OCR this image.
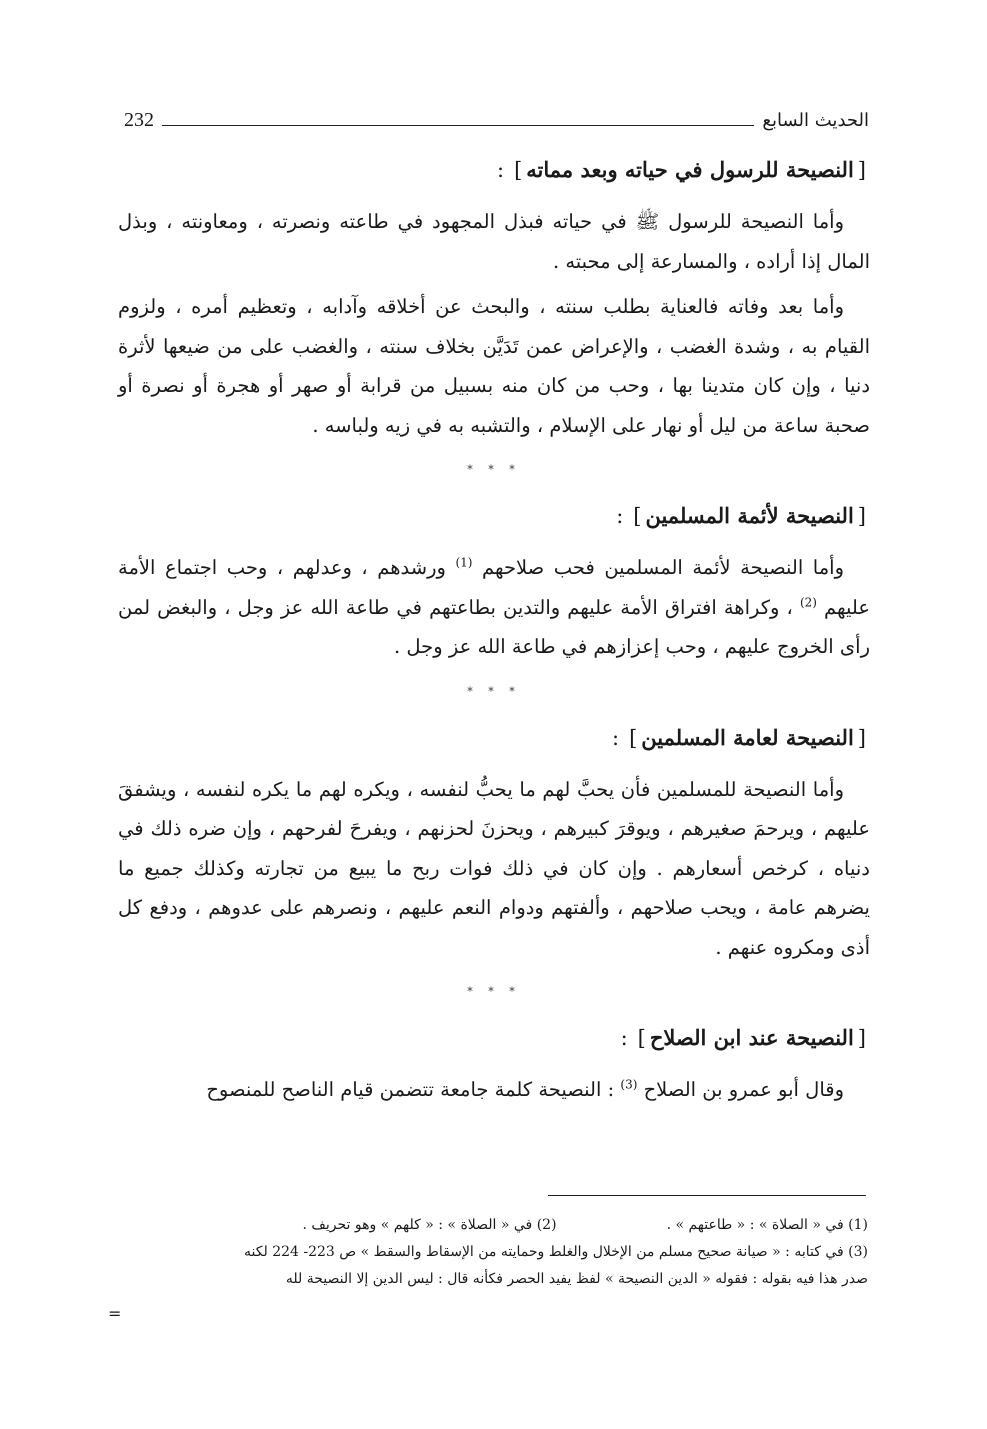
232	الحديث السابع
[النصيحة للرسول في حياته وبعد مماته]:

وأما النصيحة للرسول ﷺ في حياته فبذل المجهود في طاعته ونصرته ، ومعاونته ، وبذل المال إذا أراده ، والمسارعة إلى محبته .

وأما بعد وفاته فالعناية بطلب سنته ، والبحث عن أخلاقه وآدابه ، وتعظيم أمره ، ولزوم القيام به ، وشدة الغضب ، والإعراض عمن تَدَيَّن بخلاف سنته ، والغضب على من ضيعها لأثرة دنيا ، وإن كان متدينا بها ، وحب من كان منه بسبيل من قرابة أو صهر أو هجرة أو نصرة أو صحبة ساعة من ليل أو نهار على الإسلام ، والتشبه به في زيه ولباسه .

* * *
[النصيحة لأئمة المسلمين]:

وأما النصيحة لأئمة المسلمين فحب صلاحهم $^{(1)}$ ورشدهم ، وعدلهم ، وحب اجتماع الأمة عليهم $^{(2)}$ ، وكراهة افتراق الأمة عليهم والتدين بطاعتهم في طاعة الله عز وجل ، والبغض لمن رأى الخروج عليهم ، وحب إعزازهم في طاعة الله عز وجل .

* * *
[النصيحة لعامة المسلمين]:

وأما النصيحة للمسلمين فأن يحبَّ لهم ما يحبُّ لنفسه ، ويكره لهم ما يكره لنفسه ، ويشفقَ عليهم ، ويرحمَ صغيرهم ، ويوقرَ كبيرهم ، ويحزنَ لحزنهم ، ويفرحَ لفرحهم ، وإن ضره ذلك في دنياه ، كرخص أسعارهم . وإن كان في ذلك فوات ربح ما يبيع من تجارته وكذلك جميع ما يضرهم عامة ، ويحب صلاحهم ، وألفتهم ودوام النعم عليهم ، ونصرهم على عدوهم ، ودفع كل أذى ومكروه عنهم .

* * *
[النصيحة عند ابن الصلاح]:

وقال أبو عمرو بن الصلاح $^{(3)}$ : النصيحة كلمة جامعة تتضمن قيام الناصح للمنصوح

(1) في « الصلاة » : « طاعتهم » .
(2) في « الصلاة » : « كلهم » وهو تحريف .
(3) في كتابه : « صيانة صحيح مسلم من الإخلال والغلط وحمايته من الإسقاط والسقط » ص 223- 224 لكنه
صدر هذا فيه بقوله : فقوله « الدين النصيحة » لفظ يفيد الحصر فكأنه قال : ليس الدين إلا النصيحة لله
=
